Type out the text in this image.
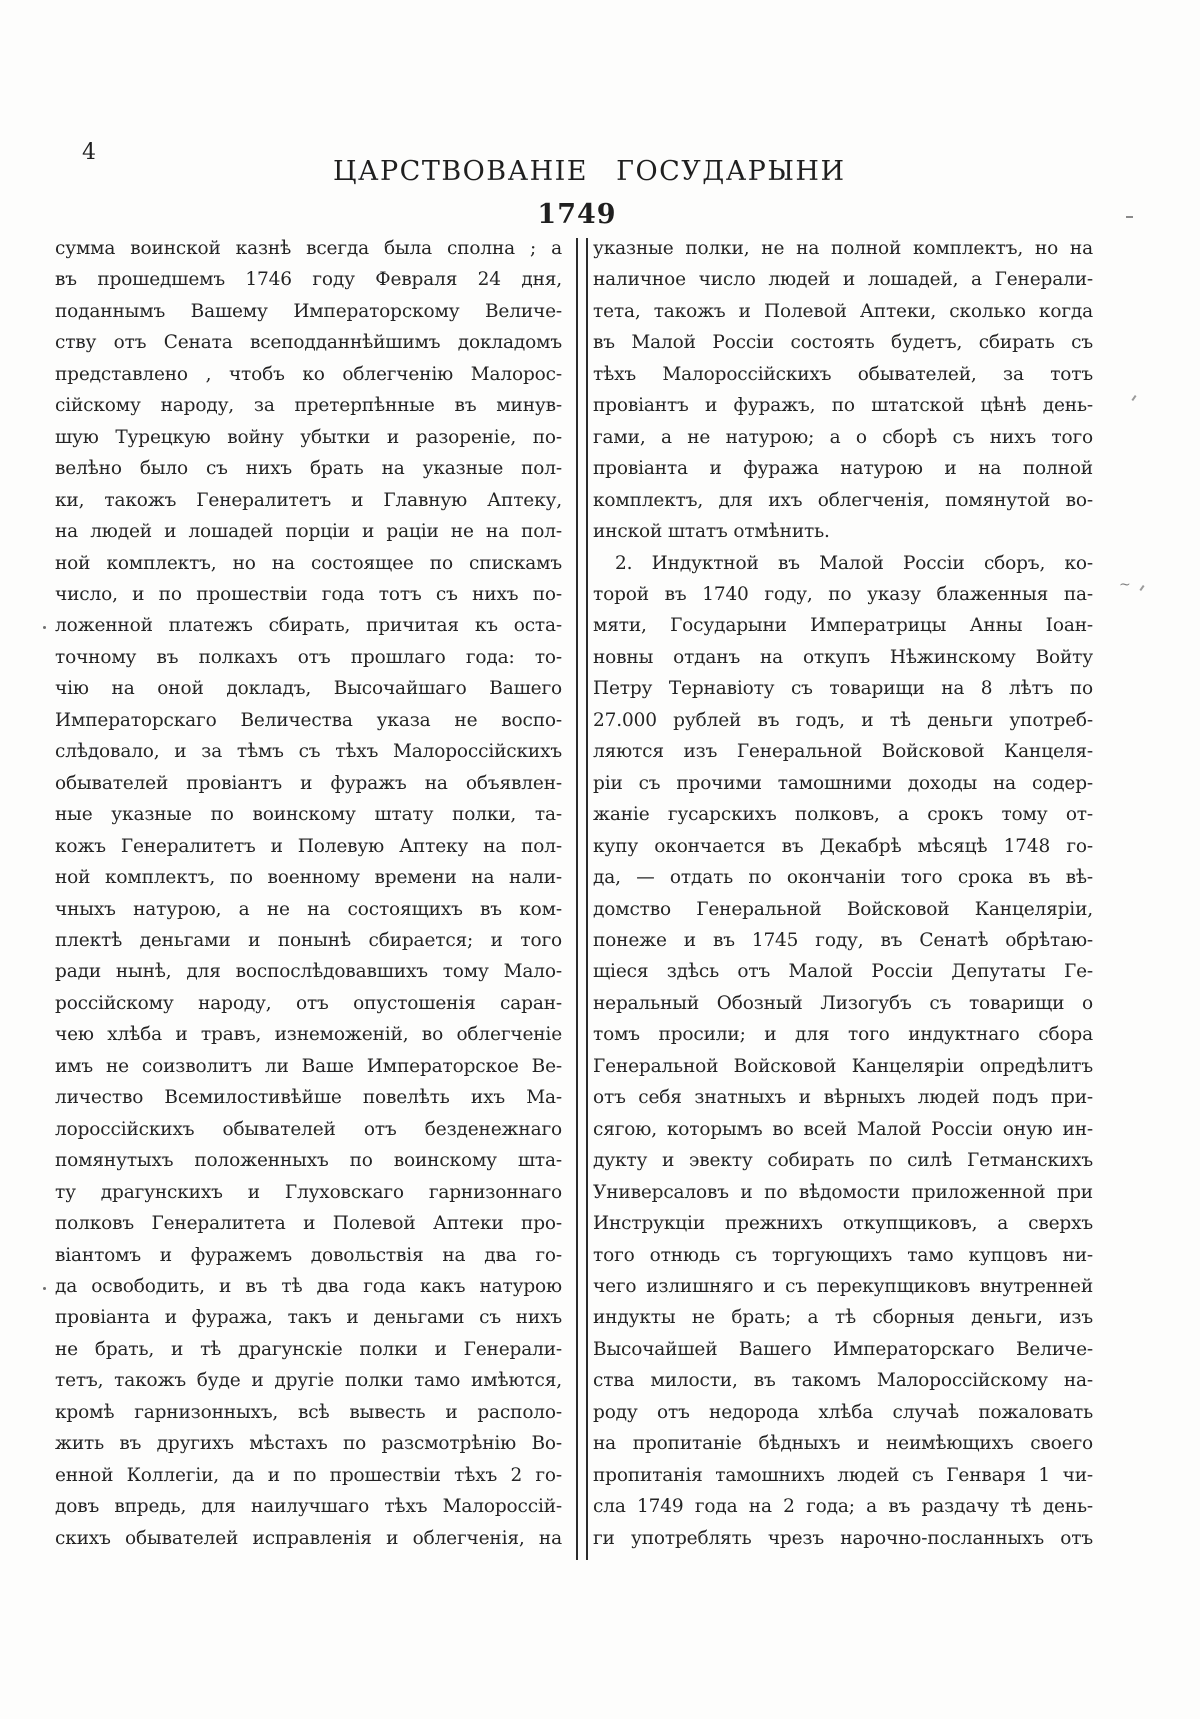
4
ЦАРСТВОВАНІЕ ГОСУДАРЫНИ
1749
сумма воинской казнѣ всегда была сполна ; а
въ прошедшемъ 1746 году Февраля 24 дня,
поданнымъ Вашему Императорскому Величе-
ству отъ Сената всеподданнѣйшимъ докладомъ
представлено , чтобъ ко облегченію Малорос-
сійскому народу, за претерпѣнные въ минув-
шую Турецкую войну убытки и разореніе, по-
велѣно было съ нихъ брать на указные пол-
ки, такожъ Генералитетъ и Главную Аптеку,
на людей и лошадей порціи и раціи не на пол-
ной комплектъ, но на состоящее по спискамъ
число, и по прошествіи года тотъ съ нихъ по-
ложенной платежъ сбирать, причитая къ оста-
точному въ полкахъ отъ прошлаго года: то-
чію на оной докладъ, Высочайшаго Вашего
Императорскаго Величества указа не воспо-
слѣдовало, и за тѣмъ съ тѣхъ Малороссійскихъ
обывателей провіантъ и фуражъ на объявлен-
ные указные по воинскому штату полки, та-
кожъ Генералитетъ и Полевую Аптеку на пол-
ной комплектъ, по военному времени на нали-
чныхъ натурою, а не на состоящихъ въ ком-
плектѣ деньгами и понынѣ сбирается; и того
ради нынѣ, для воспослѣдовавшихъ тому Мало-
россійскому народу, отъ опустошенія саран-
чею хлѣба и травъ, изнеможеній, во облегченіе
имъ не соизволитъ ли Ваше Императорское Ве-
личество Всемилостивѣйше повелѣть ихъ Ма-
лороссійскихъ обывателей отъ безденежнаго
помянутыхъ положенныхъ по воинскому шта-
ту драгунскихъ и Глуховскаго гарнизоннаго
полковъ Генералитета и Полевой Аптеки про-
віантомъ и фуражемъ довольствія на два го-
да освободить, и въ тѣ два года какъ натурою
провіанта и фуража, такъ и деньгами съ нихъ
не брать, и тѣ драгунскіе полки и Генерали-
тетъ, такожъ буде и другіе полки тамо имѣются,
кромѣ гарнизонныхъ, всѣ вывесть и располо-
жить въ другихъ мѣстахъ по разсмотрѣнію Во-
енной Коллегіи, да и по прошествіи тѣхъ 2 го-
довъ впредь, для наилучшаго тѣхъ Малороссій-
скихъ обывателей исправленія и облегченія, на
указные полки, не на полной комплектъ, но на
наличное число людей и лошадей, а Генерали-
тета, такожъ и Полевой Аптеки, сколько когда
въ Малой Россіи состоять будетъ, сбирать съ
тѣхъ Малороссійскихъ обывателей, за тотъ
провіантъ и фуражъ, по штатской цѣнѣ день-
гами, а не натурою; а о сборѣ съ нихъ того
провіанта и фуража натурою и на полной
комплектъ, для ихъ облегченія, помянутой во-
инской штатъ отмѣнить.
2. Индуктной въ Малой Россіи сборъ, ко-
торой въ 1740 году, по указу блаженныя па-
мяти, Государыни Императрицы Анны Іоан-
новны отданъ на откупъ Нѣжинскому Войту
Петру Тернавіоту съ товарищи на 8 лѣтъ по
27.000 рублей въ годъ, и тѣ деньги употреб-
ляются изъ Генеральной Войсковой Канцеля-
ріи съ прочими тамошними доходы на содер-
жаніе гусарскихъ полковъ, а срокъ тому от-
купу окончается въ Декабрѣ мѣсяцѣ 1748 го-
да, — отдать по окончаніи того срока въ вѣ-
домство Генеральной Войсковой Канцеляріи,
понеже и въ 1745 году, въ Сенатѣ обрѣтаю-
щіеся здѣсь отъ Малой Россіи Депутаты Ге-
неральный Обозный Лизогубъ съ товарищи о
томъ просили; и для того индуктнаго сбора
Генеральной Войсковой Канцеляріи опредѣлитъ
отъ себя знатныхъ и вѣрныхъ людей подъ при-
сягою, которымъ во всей Малой Россіи оную ин-
дукту и эвекту собирать по силѣ Гетманскихъ
Универсаловъ и по вѣдомости приложенной при
Инструкціи прежнихъ откупщиковъ, а сверхъ
того отнюдь съ торгующихъ тамо купцовъ ни-
чего излишняго и съ перекупщиковъ внутренней
индукты не брать; а тѣ сборныя деньги, изъ
Высочайшей Вашего Императорскаго Величе-
ства милости, въ такомъ Малороссійскому на-
роду отъ недорода хлѣба случаѣ пожаловать
на пропитаніе бѣдныхъ и неимѣющихъ своего
пропитанія тамошнихъ людей съ Генваря 1 чи-
сла 1749 года на 2 года; а въ раздачу тѣ день-
ги употреблять чрезъ нарочно-посланныхъ отъ
~
